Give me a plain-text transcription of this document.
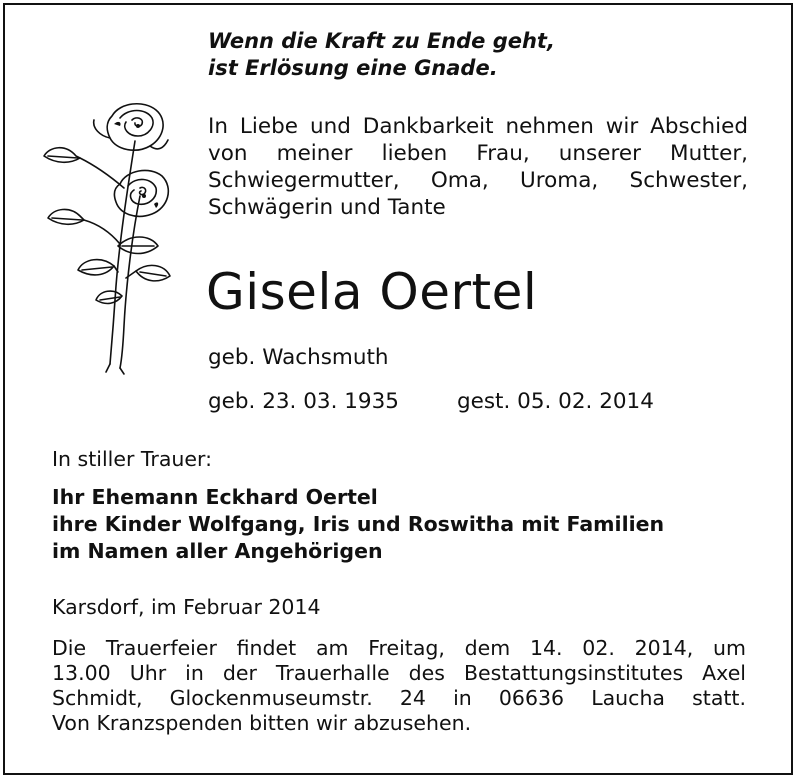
Wenn die Kraft zu Ende geht,
ist Erlösung eine Gnade.

In Liebe und Dankbarkeit nehmen wir Abschied
von meiner lieben Frau, unserer Mutter,
Schwiegermutter, Oma, Uroma, Schwester,
Schwägerin und Tante

Gisela Oertel

geb. Wachsmuth

geb. 23. 03. 1935	gest. 05. 02. 2014

In stiller Trauer:

Ihr Ehemann Eckhard Oertel
ihre Kinder Wolfgang, Iris und Roswitha mit Familien
im Namen aller Angehörigen

Karsdorf, im Februar 2014

Die Trauerfeier findet am Freitag, dem 14. 02. 2014, um
13.00 Uhr in der Trauerhalle des Bestattungsinstitutes Axel
Schmidt, Glockenmuseumstr. 24 in 06636 Laucha statt.
Von Kranzspenden bitten wir abzusehen.
